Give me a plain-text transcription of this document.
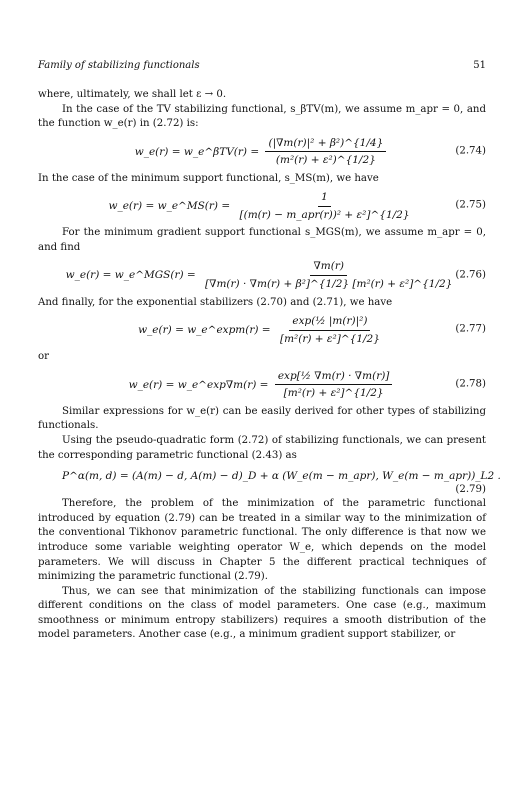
Family of stabilizing functionals	51

where, ultimately, we shall let ε → 0.

In the case of the TV stabilizing functional, s_βTV(m), we assume m_apr = 0, and the function w_e(r) in (2.72) is:

w_e(r) = w_e^βTV(r) = $\frac{\text{(|∇m(r)|² + β²)\textasciicircum{}\{1/4\}}}{\text{(m²(r) + ε²)\textasciicircum{}\{1/2\}}}$	(2.74)

In the case of the minimum support functional, s_MS(m), we have

w_e(r) = w_e^MS(r) = $\frac{1}{\text{[(m(r) − m\_apr(r))² + ε²]\textasciicircum{}\{1/2\}}}$	(2.75)

For the minimum gradient support functional s_MGS(m), we assume m_apr = 0, and find

w_e(r) = w_e^MGS(r) = $\frac{\nabla m(r)}{\text{[∇m(r) · ∇m(r) + β²]\textasciicircum{}\{1/2\} [m²(r) + ε²]\textasciicircum{}\{1/2\}}} (2.76)$

And finally, for the exponential stabilizers (2.70) and (2.71), we have

w_e(r) = w_e^expm(r) = $\frac{\text{exp(½ |m(r)|²)}}{\text{[m²(r) + ε²]\textasciicircum{}\{1/2\}}}$	(2.77)

or

w_e(r) = w_e^exp∇m(r) = $\frac{\text{exp[½ ∇m(r) · ∇m(r)]}}{\text{[m²(r) + ε²]\textasciicircum{}\{1/2\}}}$	(2.78)

Similar expressions for w_e(r) can be easily derived for other types of stabilizing functionals.

Using the pseudo-quadratic form (2.72) of stabilizing functionals, we can present the corresponding parametric functional (2.43) as

P^α(m, d) = (A(m) − d, A(m) − d)_D + α (W_e(m − m_apr), W_e(m − m_apr))_L2 .
(2.79)

Therefore, the problem of the minimization of the parametric functional introduced by equation (2.79) can be treated in a similar way to the minimization of the conventional Tikhonov parametric functional. The only difference is that now we introduce some variable weighting operator W_e, which depends on the model parameters. We will discuss in Chapter 5 the different practical techniques of minimizing the parametric functional (2.79).

Thus, we can see that minimization of the stabilizing functionals can impose different conditions on the class of model parameters. One case (e.g., maximum smoothness or minimum entropy stabilizers) requires a smooth distribution of the model parameters. Another case (e.g., a minimum gradient support stabilizer, or
